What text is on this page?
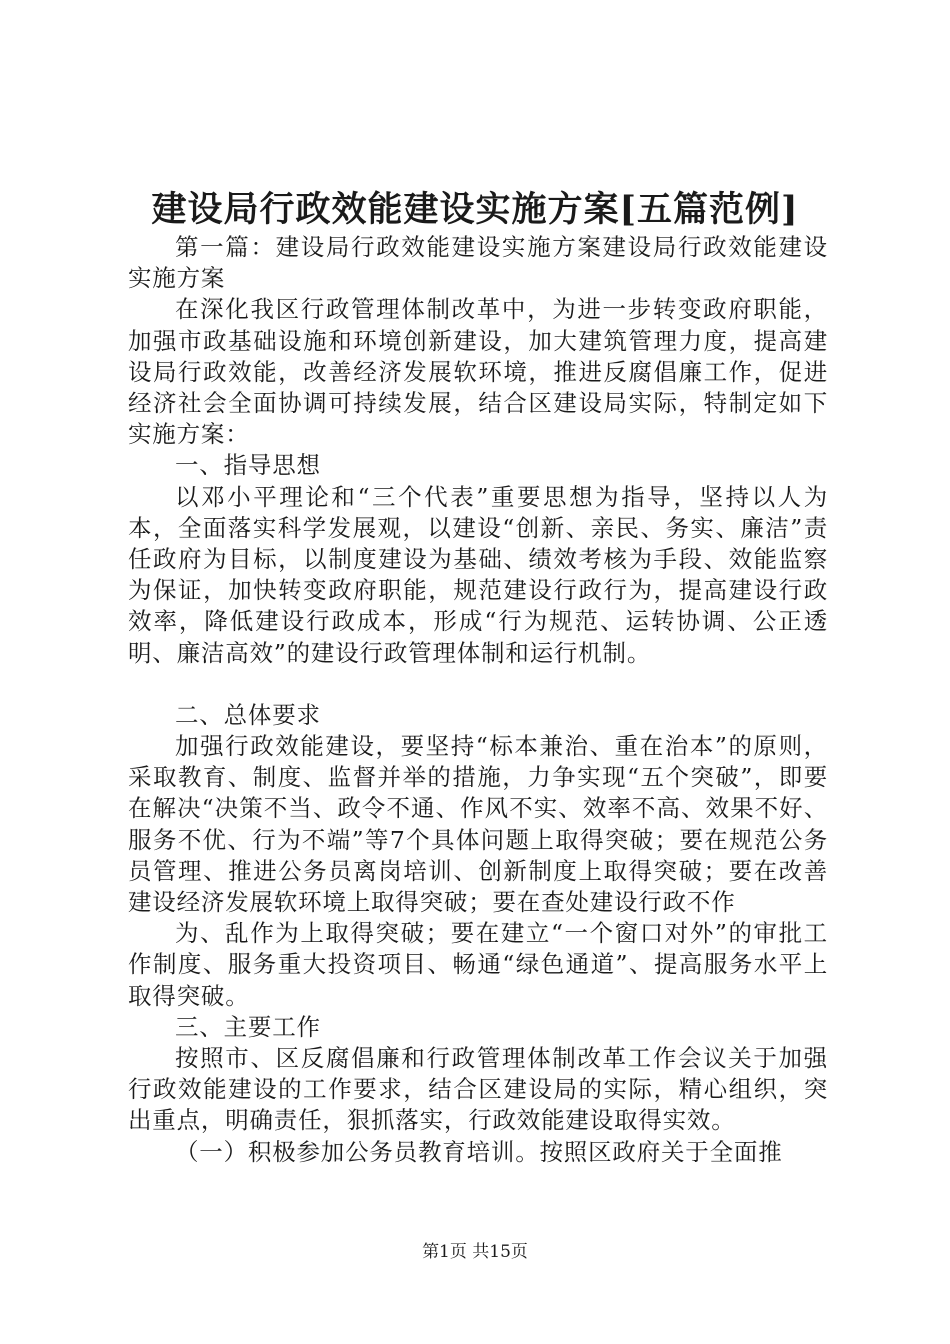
建设局行政效能建设实施方案[五篇范例]

第一篇：建设局行政效能建设实施方案建设局行政效能建设实施方案

在深化我区行政管理体制改革中，为进一步转变政府职能，加强市政基础设施和环境创新建设，加大建筑管理力度，提高建设局行政效能，改善经济发展软环境，推进反腐倡廉工作，促进经济社会全面协调可持续发展，结合区建设局实际，特制定如下实施方案：

一、指导思想

以邓小平理论和“三个代表”重要思想为指导，坚持以人为本，全面落实科学发展观，以建设“创新、亲民、务实、廉洁”责任政府为目标，以制度建设为基础、绩效考核为手段、效能监察为保证，加快转变政府职能，规范建设行政行为，提高建设行政效率，降低建设行政成本，形成“行为规范、运转协调、公正透明、廉洁高效”的建设行政管理体制和运行机制。

二、总体要求

加强行政效能建设，要坚持“标本兼治、重在治本”的原则，采取教育、制度、监督并举的措施，力争实现“五个突破”，即要在解决“决策不当、政令不通、作风不实、效率不高、效果不好、服务不优、行为不端”等7个具体问题上取得突破；要在规范公务员管理、推进公务员离岗培训、创新制度上取得突破；要在改善建设经济发展软环境上取得突破；要在查处建设行政不作

为、乱作为上取得突破；要在建立“一个窗口对外”的审批工作制度、服务重大投资项目、畅通“绿色通道”、提高服务水平上取得突破。

三、主要工作

按照市、区反腐倡廉和行政管理体制改革工作会议关于加强行政效能建设的工作要求，结合区建设局的实际，精心组织，突出重点，明确责任，狠抓落实，行政效能建设取得实效。

（一）积极参加公务员教育培训。按照区政府关于全面推

第1页 共15页
